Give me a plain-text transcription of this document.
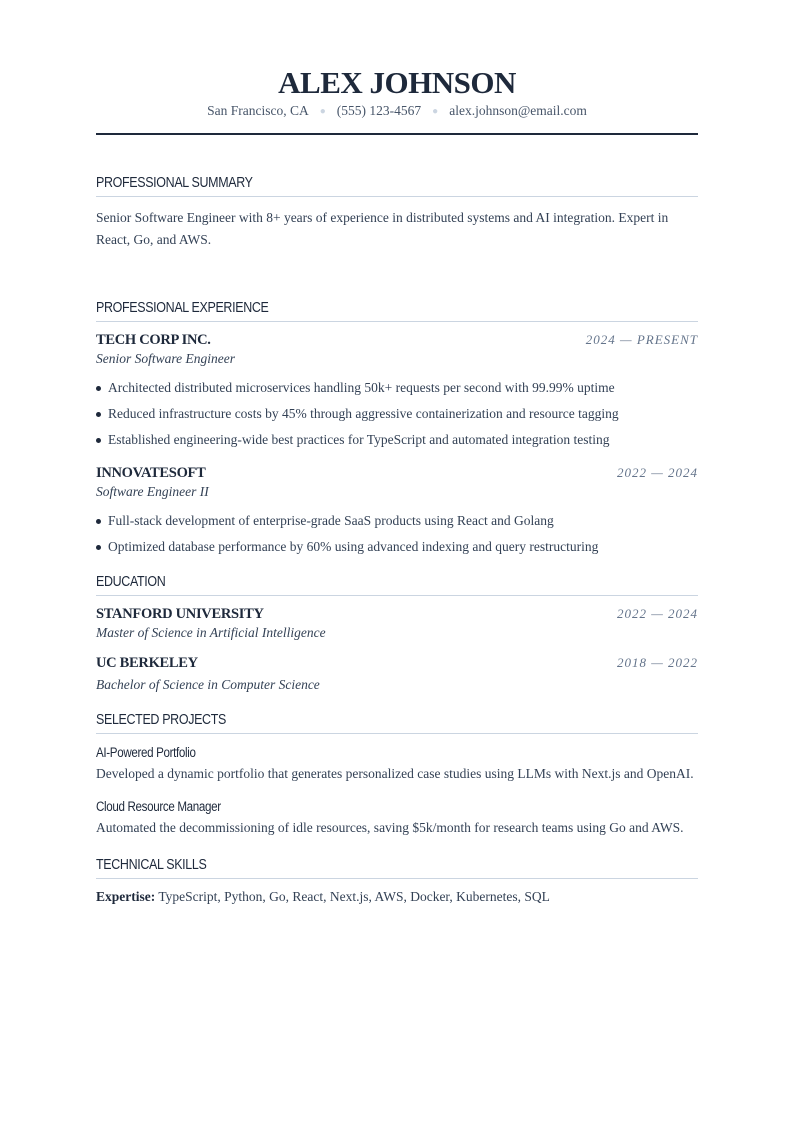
ALEX JOHNSON
San Francisco, CA ● (555) 123-4567 ● alex.johnson@email.com
PROFESSIONAL SUMMARY

Senior Software Engineer with 8+ years of experience in distributed systems and AI integration. Expert in React, Go, and AWS.

PROFESSIONAL EXPERIENCE
TECH CORP INC.	2024 — PRESENT
Senior Software Engineer
Architected distributed microservices handling 50k+ requests per second with 99.99% uptime
Reduced infrastructure costs by 45% through aggressive containerization and resource tagging
Established engineering-wide best practices for TypeScript and automated integration testing
INNOVATESOFT	2022 — 2024
Software Engineer II
Full-stack development of enterprise-grade SaaS products using React and Golang
Optimized database performance by 60% using advanced indexing and query restructuring
EDUCATION
STANFORD UNIVERSITY	2022 — 2024
Master of Science in Artificial Intelligence
UC BERKELEY	2018 — 2022
Bachelor of Science in Computer Science
SELECTED PROJECTS
AI-Powered Portfolio
Developed a dynamic portfolio that generates personalized case studies using LLMs with Next.js and OpenAI.
Cloud Resource Manager
Automated the decommissioning of idle resources, saving $5k/month for research teams using Go and AWS.
TECHNICAL SKILLS
Expertise: TypeScript, Python, Go, React, Next.js, AWS, Docker, Kubernetes, SQL
